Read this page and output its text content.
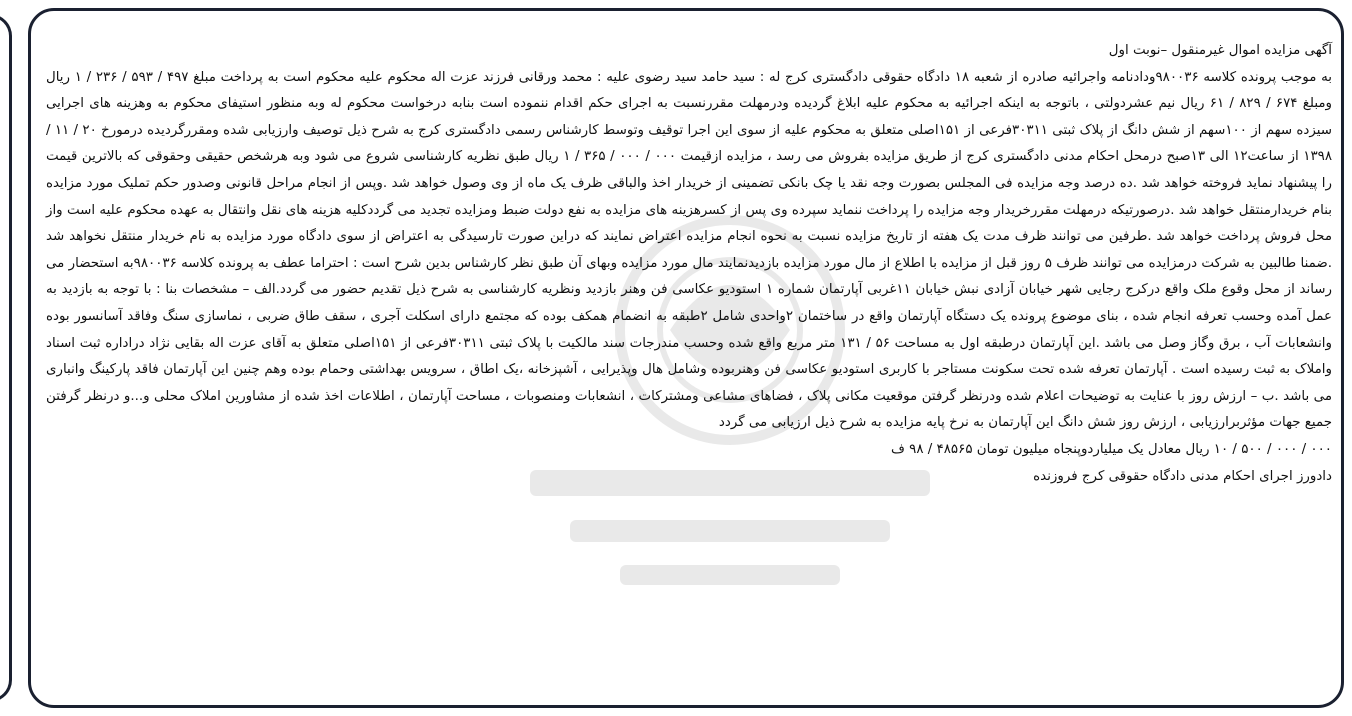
آگهی مزایده اموال غیرمنقول –نوبت اول

به موجب پرونده کلاسه ۹۸۰۰۳۶ودادنامه واجرائیه صادره از شعبه ۱۸ دادگاه حقوقی دادگستری کرج له : سید حامد سید رضوی علیه : محمد ورقانی فرزند عزت اله محکوم علیه محکوم است به پرداخت مبلغ ۴۹۷ / ۵۹۳ / ۲۳۶ / ۱ ریال ومبلغ ۶۷۴ / ۸۲۹ / ۶۱ ریال نیم عشردولتی ، باتوجه به اینکه اجرائیه به محکوم علیه ابلاغ گردیده ودرمهلت مقررنسبت به اجرای حکم اقدام ننموده است بنابه درخواست محکوم له وبه منظور استیفای محکوم به وهزینه های اجرایی سیزده سهم از ۱۰۰سهم از شش دانگ از پلاک ثبتی ۳۰۳۱۱فرعی از ۱۵۱اصلی متعلق به محکوم علیه از سوی این اجرا توقیف وتوسط کارشناس رسمی دادگستری کرج به شرح ذیل توصیف وارزیابی شده ومقررگردیده درمورخ ۲۰ / ۱۱ / ۱۳۹۸ از ساعت۱۲ الی ۱۳صبح درمحل احکام مدنی دادگستری کرج از طریق مزایده بفروش می رسد ، مزایده ازقیمت ۰۰۰ / ۰۰۰ / ۳۶۵ / ۱ ریال طبق نظریه کارشناسی شروع می شود وبه هرشخص حقیقی وحقوقی که بالاترین قیمت را پیشنهاد نماید فروخته خواهد شد .ده درصد وجه مزایده فی المجلس بصورت وجه نقد یا چک بانکی تضمینی از خریدار اخذ والباقی ظرف یک ماه از وی وصول خواهد شد .وپس از انجام مراحل قانونی وصدور حکم تملیک مورد مزایده بنام خریدارمنتقل خواهد شد .درصورتیکه درمهلت مقررخریدار وجه مزایده را پرداخت ننماید سپرده وی پس از کسرهزینه های مزایده به نفع دولت ضبط ومزایده تجدید می گرددکلیه هزینه های نقل وانتقال به عهده محکوم علیه است واز محل فروش پرداخت خواهد شد .طرفین می توانند ظرف مدت یک هفته از تاریخ مزایده نسبت به نحوه انجام مزایده اعتراض نمایند که دراین صورت تارسیدگی به اعتراض از سوی دادگاه مورد مزایده به نام خریدار منتقل نخواهد شد .ضمنا طالبین به شرکت درمزایده می توانند ظرف ۵ روز قبل از مزایده با اطلاع از مال مورد مزایده بازدیدنمایند مال مورد مزایده وبهای آن طبق نظر کارشناس بدین شرح است : احتراما عطف به پرونده کلاسه ۹۸۰۰۳۶به استحضار می رساند از محل وقوع ملک واقع درکرج رجایی شهر خیابان آزادی نبش خیابان ۱۱غربی آپارتمان شماره ۱ استودیو عکاسی فن وهنر بازدید ونظریه کارشناسی به شرح ذیل تقدیم حضور می گردد.الف – مشخصات بنا : با توجه به بازدید به عمل آمده وحسب تعرفه انجام شده ، بنای موضوع پرونده یک دستگاه آپارتمان واقع در ساختمان ۲واحدی شامل ۲طبقه به انضمام همکف بوده که مجتمع دارای اسکلت آجری ، سقف طاق ضربی ، نماسازی سنگ وفاقد آسانسور بوده وانشعابات آب ، برق وگاز وصل می باشد .این آپارتمان درطبقه اول به مساحت ۵۶ / ۱۳۱ متر مربع واقع شده وحسب مندرجات سند مالکیت با پلاک ثبتی ۳۰۳۱۱فرعی از ۱۵۱اصلی متعلق به آقای عزت اله بقایی نژاد دراداره ثبت اسناد واملاک به ثبت رسیده است . آپارتمان تعرفه شده تحت سکونت مستاجر با کاربری استودیو عکاسی فن وهنربوده وشامل هال وپذیرایی ، آشپزخانه ،یک اطاق ، سرویس بهداشتی وحمام بوده وهم چنین این آپارتمان فاقد پارکینگ وانباری می باشد .ب – ارزش روز با عنایت به توضیحات اعلام شده ودرنظر گرفتن موقعیت مکانی پلاک ، فضاهای مشاعی ومشترکات ، انشعابات ومنصوبات ، مساحت آپارتمان ، اطلاعات اخذ شده از مشاورین املاک محلی و...و درنظر گرفتن جمیع جهات مؤثربرارزیابی ، ارزش روز شش دانگ این آپارتمان به نرخ پایه مزایده به شرح ذیل ارزیابی می گردد

۰۰۰ / ۰۰۰ / ۵۰۰ / ۱۰ ریال معادل یک میلیاردوپنجاه میلیون تومان ۴۸۵۶۵ / ۹۸ ف

دادورز اجرای احکام مدنی دادگاه حقوقی کرج فروزنده
